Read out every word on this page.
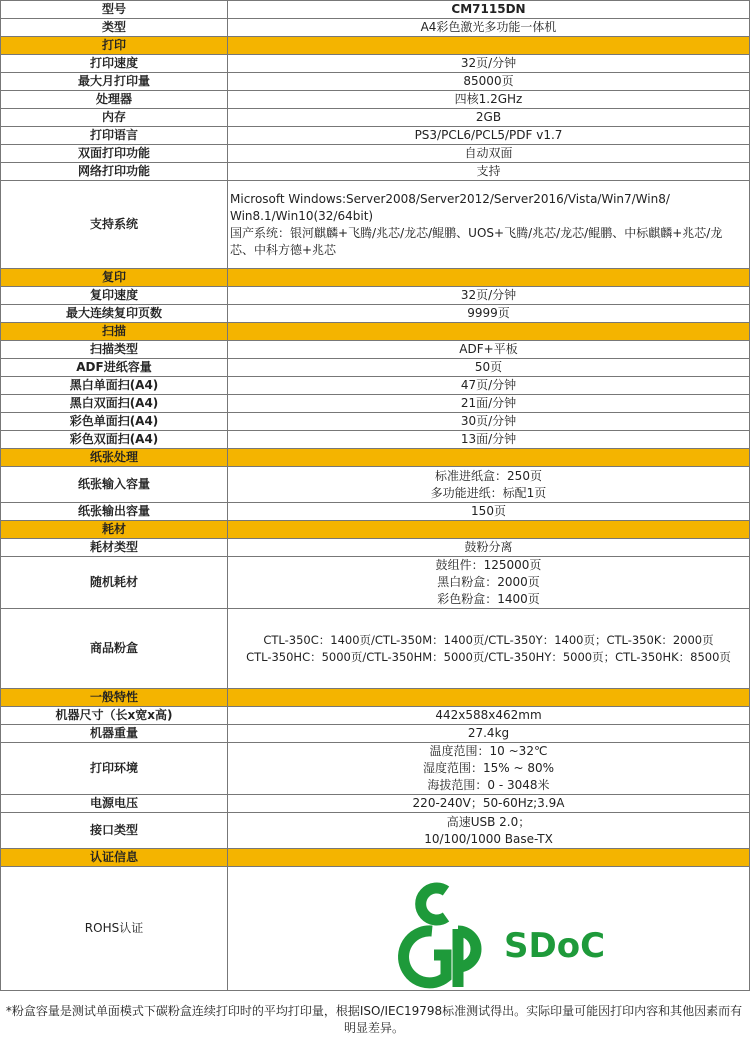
型号	CM7115DN
类型	A4彩色激光多功能一体机
打印	
打印速度	32页/分钟
最大月打印量	85000页
处理器	四核1.2GHz
内存	2GB
打印语言	PS3/PCL6/PCL5/PDF v1.7
双面打印功能	自动双面
网络打印功能	支持
支持系统	Microsoft Windows:Server2008/Server2012/Server2016/Vista/Win7/Win8/
Win8.1/Win10(32/64bit)
国产系统：银河麒麟+飞腾/兆芯/龙芯/鲲鹏、UOS+飞腾/兆芯/龙芯/鲲鹏、中标麒麟+兆芯/龙
芯、中科方德+兆芯

复印	
复印速度	32页/分钟
最大连续复印页数	9999页
扫描	
扫描类型	ADF+平板
ADF进纸容量	50页
黑白单面扫(A4)	47页/分钟
黑白双面扫(A4)	21面/分钟
彩色单面扫(A4)	30页/分钟
彩色双面扫(A4)	13面/分钟
纸张处理	
纸张输入容量	标准进纸盒：250页
多功能进纸：标配1页

纸张输出容量	150页
耗材	
耗材类型	鼓粉分离
随机耗材	鼓组件：125000页
黑白粉盒：2000页
彩色粉盒：1400页

商品粉盒	CTL-350C：1400页/CTL-350M：1400页/CTL-350Y：1400页；CTL-350K：2000页
CTL-350HC：5000页/CTL-350HM：5000页/CTL-350HY：5000页；CTL-350HK：8500页

一般特性	
机器尺寸（长x宽x高)	442x588x462mm
机器重量	27.4kg
打印环境	温度范围：10 ~32℃
湿度范围：15% ~ 80%
海拔范围：0 - 3048米

电源电压	220-240V；50-60Hz;3.9A
接口类型	高速USB 2.0；
10/100/1000 Base-TX

认证信息	
ROHS认证	SDoC
*粉盒容量是测试单面模式下碳粉盒连续打印时的平均打印量，根据ISO/IEC19798标准测试得出。实际印量可能因打印内容和其他因素而有明显差异。
